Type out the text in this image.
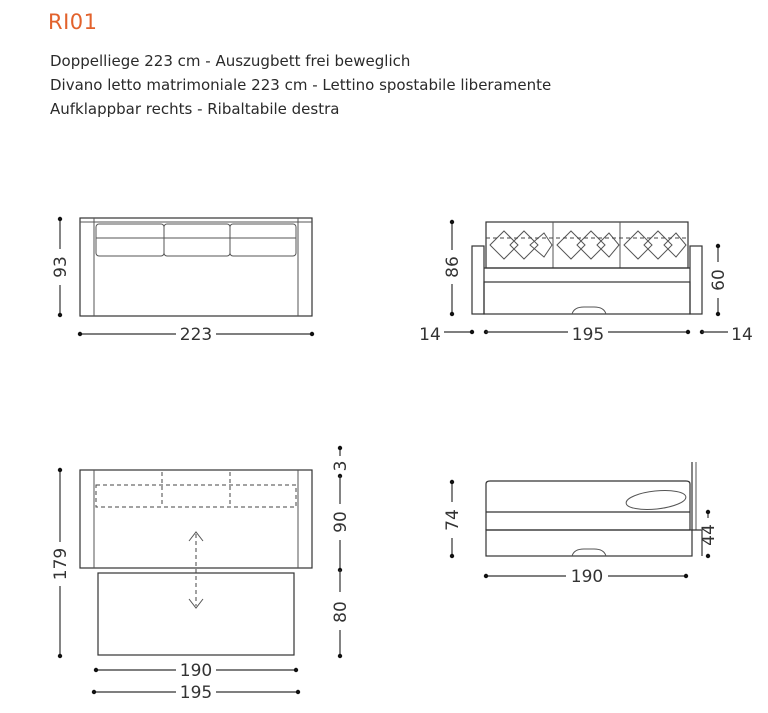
RI01
Doppelliege 223 cm - Auszugbett frei beweglich
Divano letto matrimoniale 223 cm - Lettino spostabile liberamente
Aufklappbar rechts - Ribaltabile destra
93
223
86
60
14	195	14
179
3
90
80
190
195
74
44
190
